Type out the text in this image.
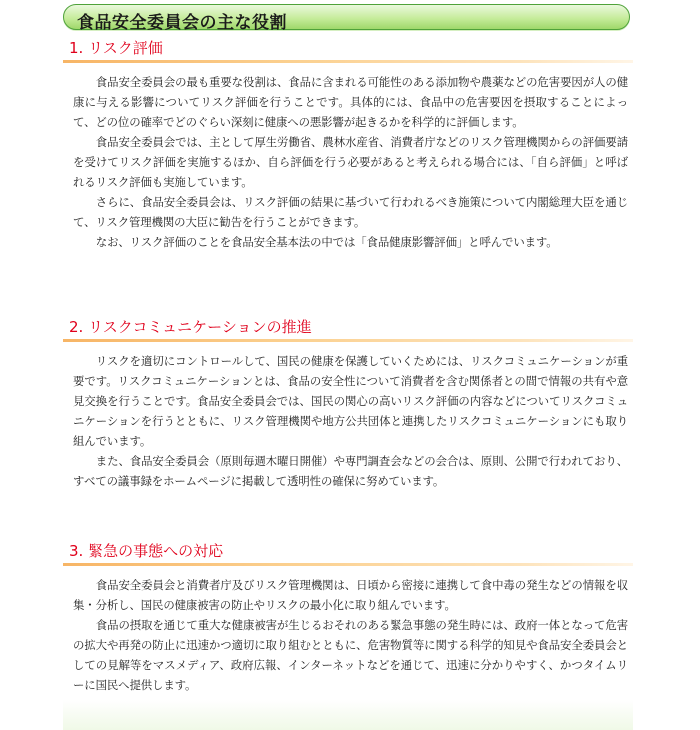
食品安全委員会の主な役割
1. リスク評価

食品安全委員会の最も重要な役割は、食品に含まれる可能性のある添加物や農薬などの危害要因が人の健康に与える影響についてリスク評価を行うことです。具体的には、食品中の危害要因を摂取することによって、どの位の確率でどのぐらい深刻に健康への悪影響が起きるかを科学的に評価します。

食品安全委員会では、主として厚生労働省、農林水産省、消費者庁などのリスク管理機関からの評価要請を受けてリスク評価を実施するほか、自ら評価を行う必要があると考えられる場合には、「自ら評価」と呼ばれるリスク評価も実施しています。

さらに、食品安全委員会は、リスク評価の結果に基づいて行われるべき施策について内閣総理大臣を通じて、リスク管理機関の大臣に勧告を行うことができます。

なお、リスク評価のことを食品安全基本法の中では「食品健康影響評価」と呼んでいます。

2. リスクコミュニケーションの推進

リスクを適切にコントロールして、国民の健康を保護していくためには、リスクコミュニケーションが重要です。リスクコミュニケーションとは、食品の安全性について消費者を含む関係者との間で情報の共有や意見交換を行うことです。食品安全委員会では、国民の関心の高いリスク評価の内容などについてリスクコミュニケーションを行うとともに、リスク管理機関や地方公共団体と連携したリスクコミュニケーションにも取り組んでいます。

また、食品安全委員会（原則毎週木曜日開催）や専門調査会などの会合は、原則、公開で行われており、すべての議事録をホームページに掲載して透明性の確保に努めています。

3. 緊急の事態への対応

食品安全委員会と消費者庁及びリスク管理機関は、日頃から密接に連携して食中毒の発生などの情報を収集・分析し、国民の健康被害の防止やリスクの最小化に取り組んでいます。

食品の摂取を通じて重大な健康被害が生じるおそれのある緊急事態の発生時には、政府一体となって危害の拡大や再発の防止に迅速かつ適切に取り組むとともに、危害物質等に関する科学的知見や食品安全委員会としての見解等をマスメディア、政府広報、インターネットなどを通じて、迅速に分かりやすく、かつタイムリーに国民へ提供します。
